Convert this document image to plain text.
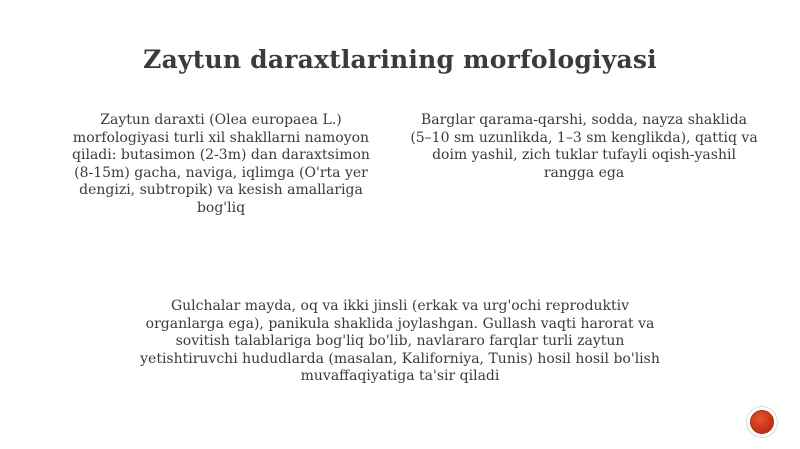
Zaytun daraxtlarining morfologiyasi

Zaytun daraxti (Olea europaea L.) morfologiyasi turli xil shakllarni namoyon qiladi: butasimon (2-3m) dan daraxtsimon (8-15m) gacha, naviga, iqlimga (O'rta yer dengizi, subtropik) va kesish amallariga bog'liq

Barglar qarama-qarshi, sodda, nayza shaklida (5–10 sm uzunlikda, 1–3 sm kenglikda), qattiq va doim yashil, zich tuklar tufayli oqish-yashil rangga ega

Gulchalar mayda, oq va ikki jinsli (erkak va urg'ochi reproduktiv organlarga ega), panikula shaklida joylashgan. Gullash vaqti harorat va sovitish talablariga bog'liq bo'lib, navlararo farqlar turli zaytun yetishtiruvchi hududlarda (masalan, Kaliforniya, Tunis) hosil hosil bo'lish muvaffaqiyatiga ta'sir qiladi
